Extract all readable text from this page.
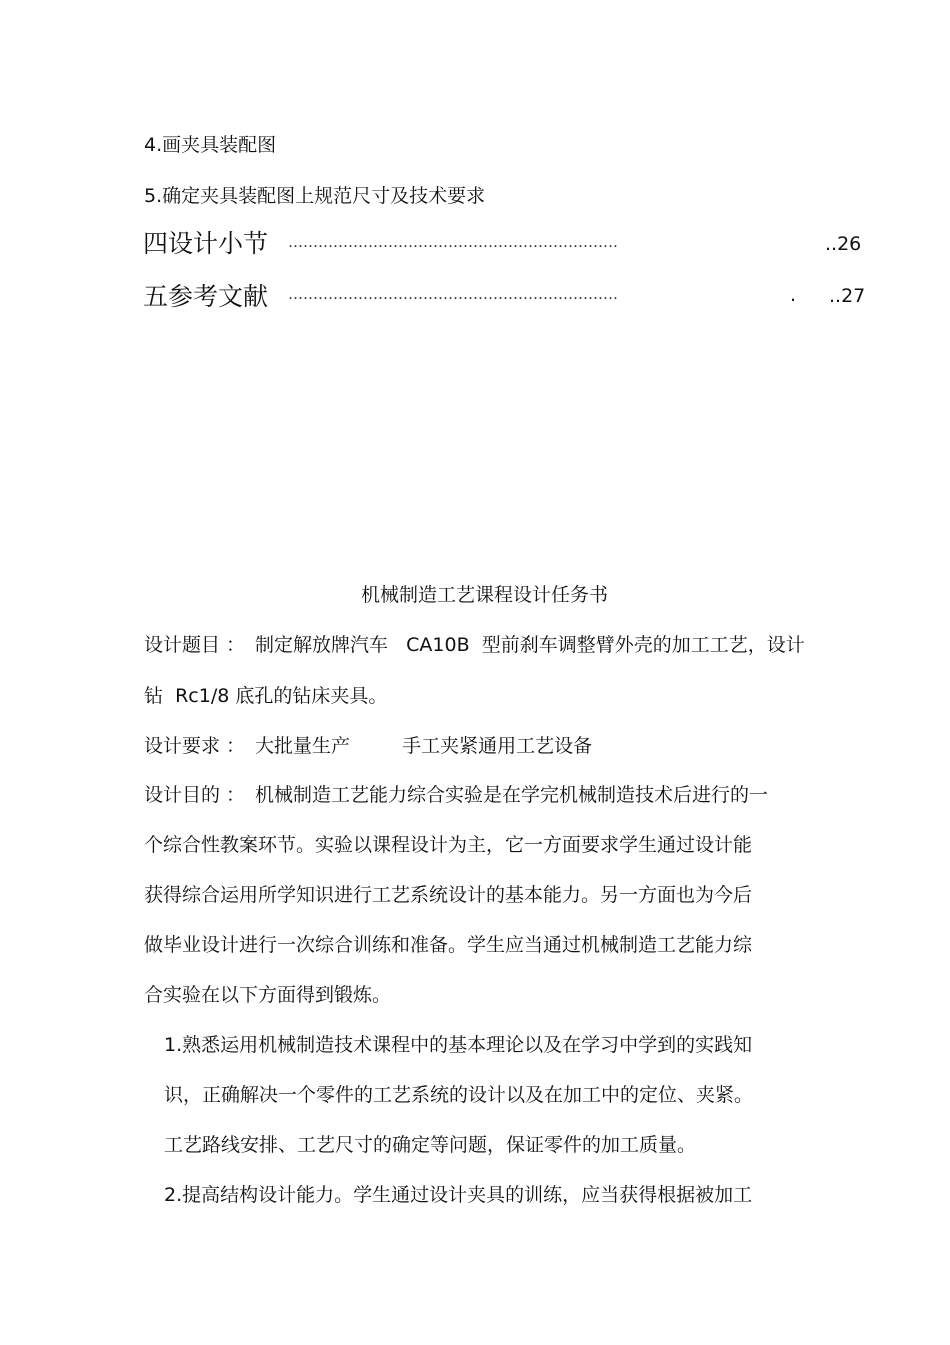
4.画夹具装配图
5.确定夹具装配图上规范尺寸及技术要求
四设计小节 …………………………………………………………	..26
五参考文献 …………………………………………………………	. ..27
机械制造工艺课程设计任务书
设计题目 ： 制定解放牌汽车   CA10B  型前刹车调整臂外壳的加工工艺，设计
钻  Rc1/8 底孔的钻床夹具。
设计要求 ： 大批量生产	手工夹紧通用工艺设备
设计目的 ： 机械制造工艺能力综合实验是在学完机械制造技术后进行的一
个综合性教案环节。实验以课程设计为主，它一方面要求学生通过设计能
获得综合运用所学知识进行工艺系统设计的基本能力。另一方面也为今后
做毕业设计进行一次综合训练和准备。学生应当通过机械制造工艺能力综
合实验在以下方面得到锻炼。
1.熟悉运用机械制造技术课程中的基本理论以及在学习中学到的实践知
识，正确解决一个零件的工艺系统的设计以及在加工中的定位、夹紧。
工艺路线安排、工艺尺寸的确定等问题，保证零件的加工质量。
2.提高结构设计能力。学生通过设计夹具的训练，应当获得根据被加工
